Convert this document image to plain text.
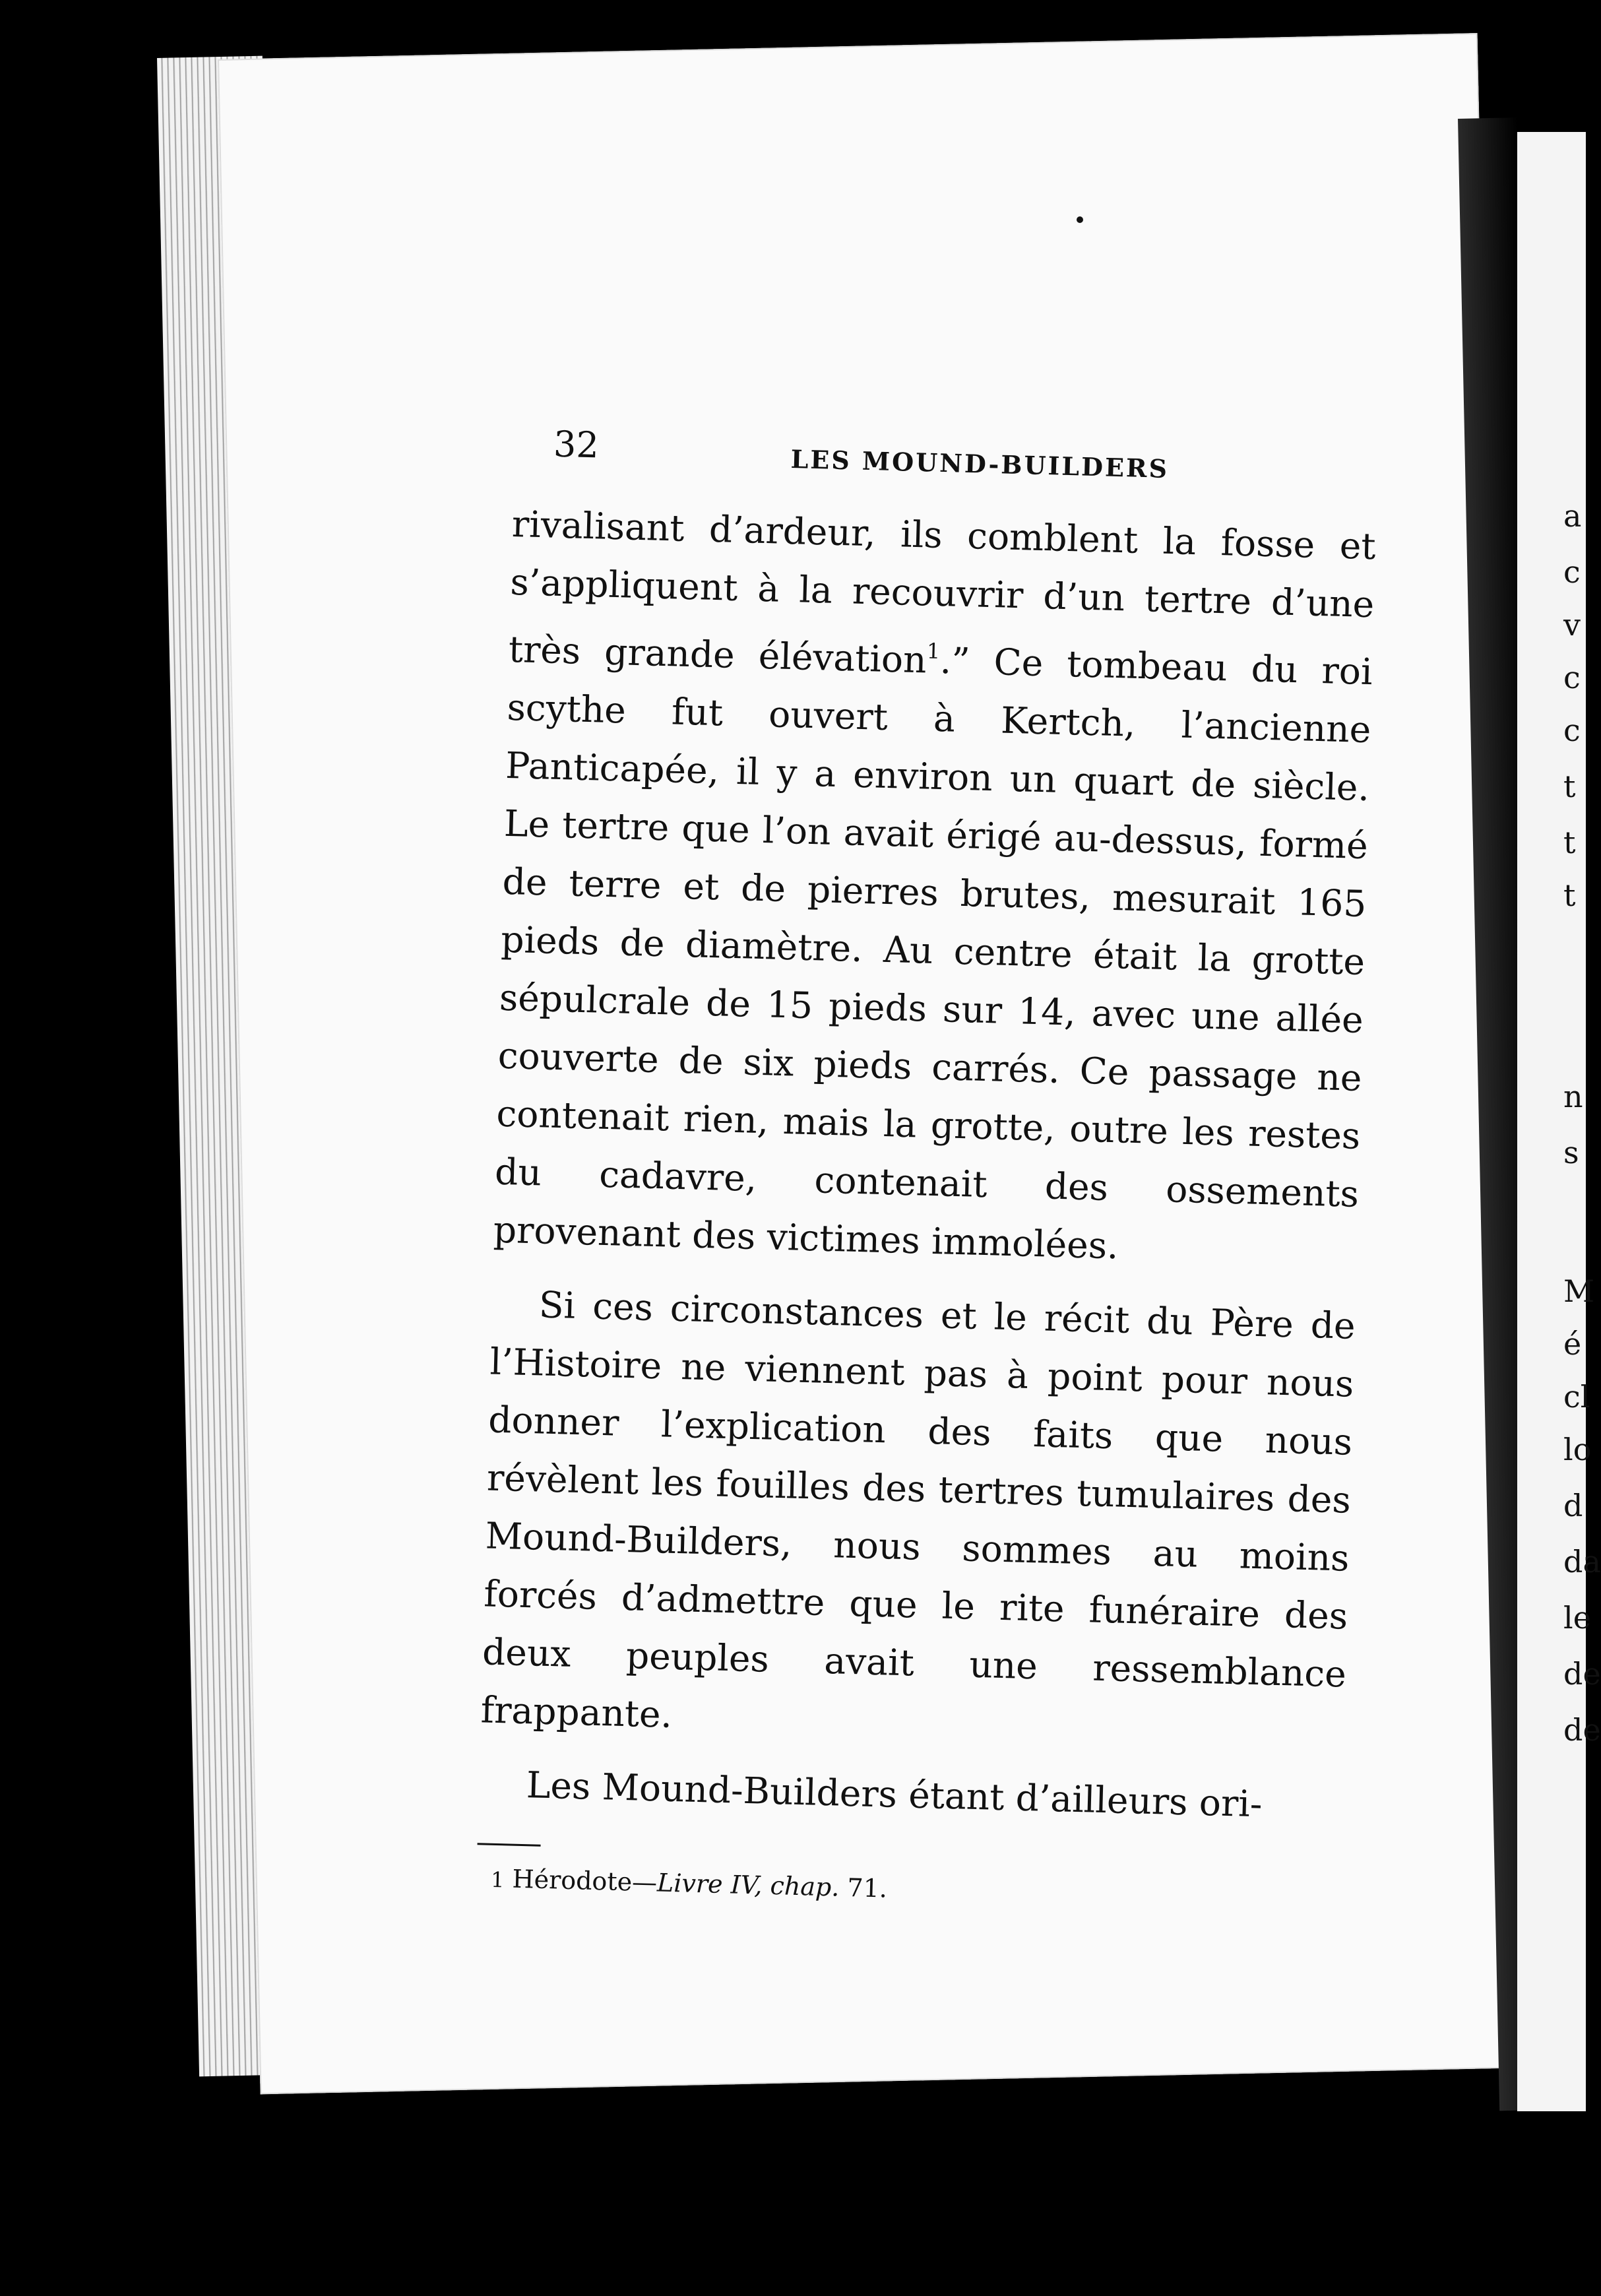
a
c
v
c
c
t
t
t
n
s
M
é
cl
lo
d
da
le
de
de
32	LES MOUND-BUILDERS

rivalisant d’ardeur, ils comblent la fosse et s’appliquent à la recouvrir d’un tertre d’une très grande élévation$^1$.” Ce tombeau du roi scythe fut ouvert à Kertch, l’ancienne Panticapée, il y a environ un quart de siècle. Le tertre que l’on avait érigé au-dessus, formé de terre et de pierres brutes, mesurait 165 pieds de diamètre. Au centre était la grotte sépulcrale de 15 pieds sur 14, avec une allée couverte de six pieds carrés. Ce passage ne contenait rien, mais la grotte, outre les restes du cadavre, contenait des ossements provenant des victimes immolées.

Si ces circonstances et le récit du Père de l’Histoire ne viennent pas à point pour nous donner l’explication des faits que nous révèlent les fouilles des tertres tumulaires des Mound-Builders, nous sommes au moins forcés d’admettre que le rite funéraire des deux peuples avait une ressemblance frappante.

Les Mound-Builders étant d’ailleurs ori-

1 Hérodote—Livre IV, chap. 71.
